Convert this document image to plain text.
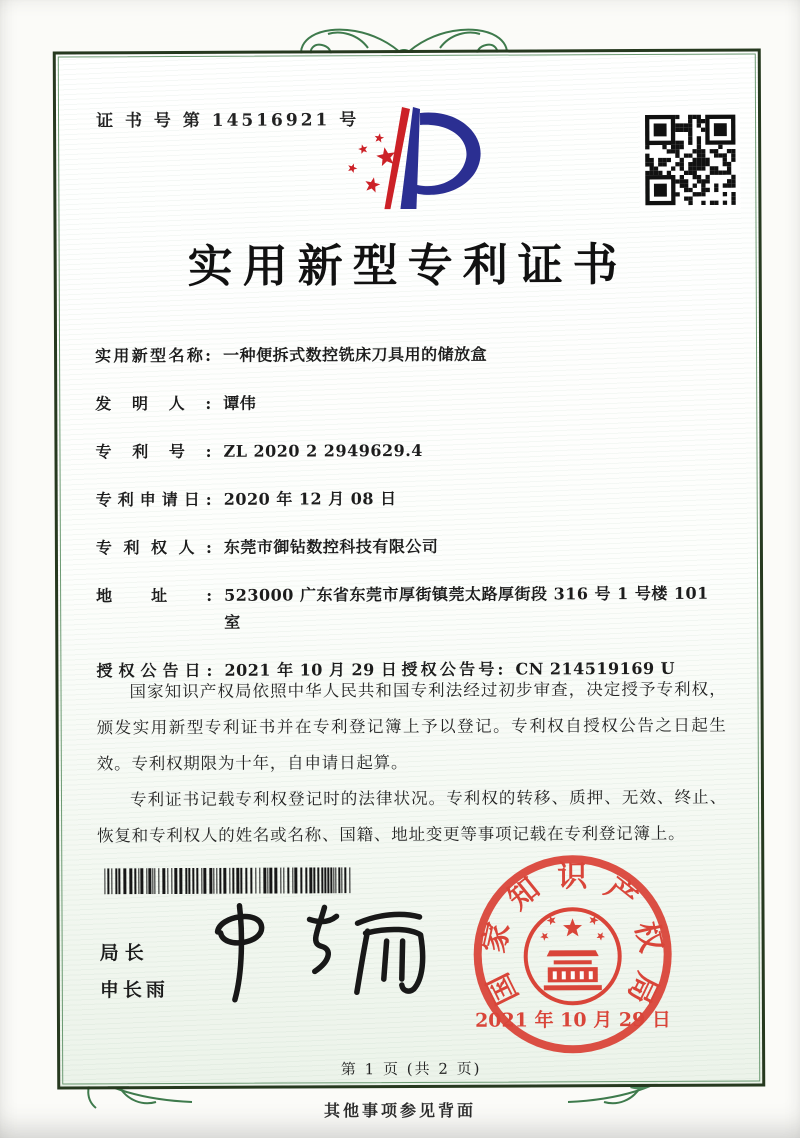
证 书 号 第 14516921 号
实用新型专利证书
实用新型名称: 一种便拆式数控铣床刀具用的储放盒
发明人: 谭伟
专利号: ZL 2020 2 2949629.4
专利申请日: 2020 年 12 月 08 日
专利权人: 东莞市御钻数控科技有限公司
地址: 523000 广东省东莞市厚街镇莞太路厚街段 316 号 1 号楼 101 室
授权公告日: 2021 年 10 月 29 日 授权公告号: CN 214519169 U

国家知识产权局依照中华人民共和国专利法经过初步审查，决定授予专利权，颁发实用新型专利证书并在专利登记簿上予以登记。专利权自授权公告之日起生效。专利权期限为十年，自申请日起算。

专利证书记载专利权登记时的法律状况。专利权的转移、质押、无效、终止、恢复和专利权人的姓名或名称、国籍、地址变更等事项记载在专利登记簿上。

局长
申长雨	国
家
知 识 产
权
局
2021 年 10 月 29 日
第 1 页 (共 2 页)
其他事项参见背面
